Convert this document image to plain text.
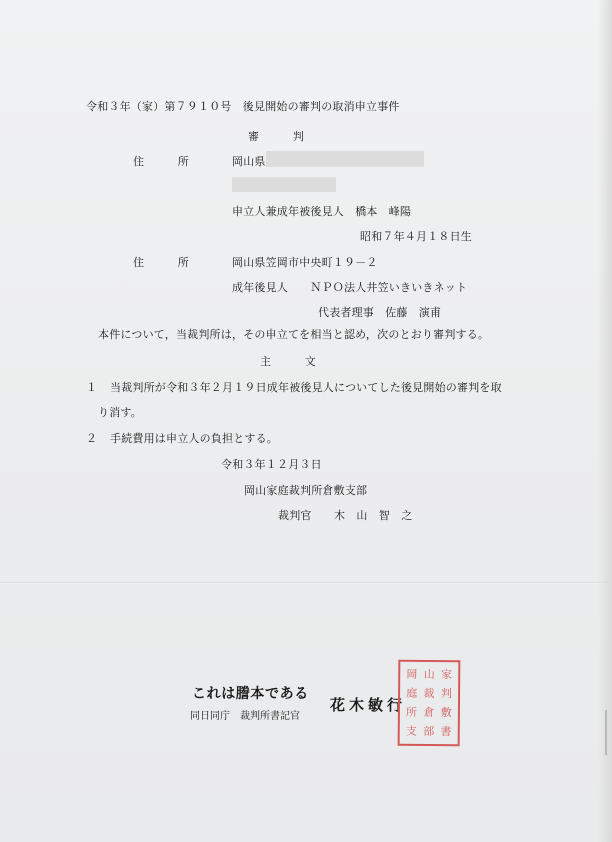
令和３年（家）第７９１０号　後見開始の審判の取消申立事件
審　　　判
住　　　所	岡山県
申立人兼成年被後見人　橋本　峰陽
昭和７年４月１８日生
住　　　所	岡山県笠岡市中央町１９－２
成年後見人　　ＮＰＯ法人井笠いきいきネット
代表者理事　佐藤　演甫
本件について，当裁判所は，その申立てを相当と認め，次のとおり審判する。
主　　　文
１ 当裁判所が令和３年２月１９日成年被後見人についてした後見開始の審判を取
り消す。
２ 手続費用は申立人の負担とする。
令和３年１２月３日
岡山家庭裁判所倉敷支部
裁判官　　木　山　智　之
これは謄本である
同日同庁　裁判所書記官
花木敏行
岡 山 家
庭 裁 判
所 倉 敷
支 部 書
